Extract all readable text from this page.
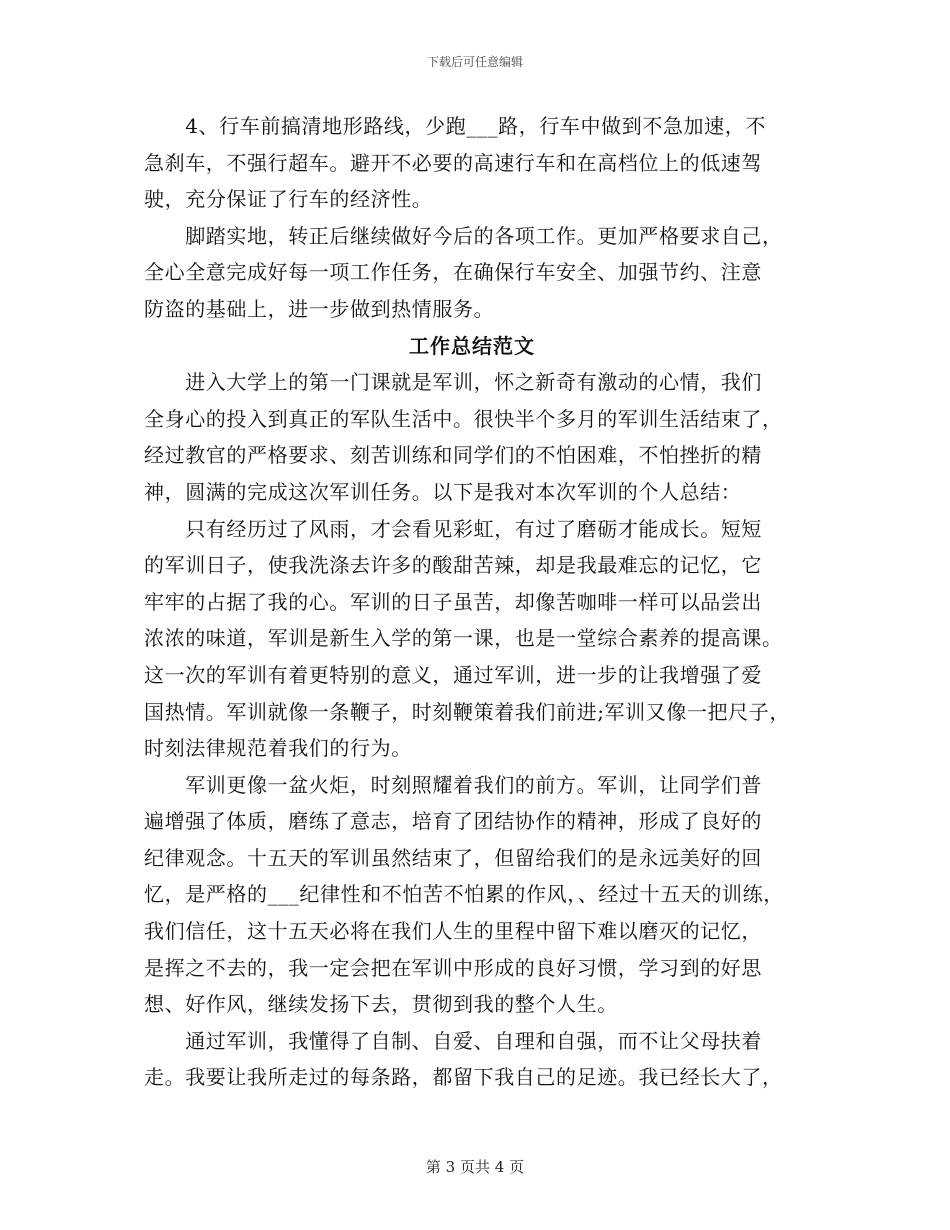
下载后可任意编辑
　　4、行车前搞清地形路线，少跑___路，行车中做到不急加速，不
急刹车，不强行超车。避开不必要的高速行车和在高档位上的低速驾
驶，充分保证了行车的经济性。
　　脚踏实地，转正后继续做好今后的各项工作。更加严格要求自己，
全心全意完成好每一项工作任务，在确保行车安全、加强节约、注意
防盗的基础上，进一步做到热情服务。
工作总结范文
　　进入大学上的第一门课就是军训，怀之新奇有激动的心情，我们
全身心的投入到真正的军队生活中。很快半个多月的军训生活结束了，
经过教官的严格要求、刻苦训练和同学们的不怕困难，不怕挫折的精
神，圆满的完成这次军训任务。以下是我对本次军训的个人总结：
　　只有经历过了风雨，才会看见彩虹，有过了磨砺才能成长。短短
的军训日子，使我洗涤去许多的酸甜苦辣，却是我最难忘的记忆，它
牢牢的占据了我的心。军训的日子虽苦，却像苦咖啡一样可以品尝出
浓浓的味道，军训是新生入学的第一课，也是一堂综合素养的提高课。
这一次的军训有着更特别的意义，通过军训，进一步的让我增强了爱
国热情。军训就像一条鞭子，时刻鞭策着我们前进;军训又像一把尺子，
时刻法律规范着我们的行为。
　　军训更像一盆火炬，时刻照耀着我们的前方。军训，让同学们普
遍增强了体质，磨练了意志，培育了团结协作的精神，形成了良好的
纪律观念。十五天的军训虽然结束了，但留给我们的是永远美好的回
忆，是严格的___纪律性和不怕苦不怕累的作风，、经过十五天的训练，
我们信任，这十五天必将在我们人生的里程中留下难以磨灭的记忆，
是挥之不去的，我一定会把在军训中形成的良好习惯，学习到的好思
想、好作风，继续发扬下去，贯彻到我的整个人生。
　　通过军训，我懂得了自制、自爱、自理和自强，而不让父母扶着
走。我要让我所走过的每条路，都留下我自己的足迹。我已经长大了，
第 3 页共 4 页
